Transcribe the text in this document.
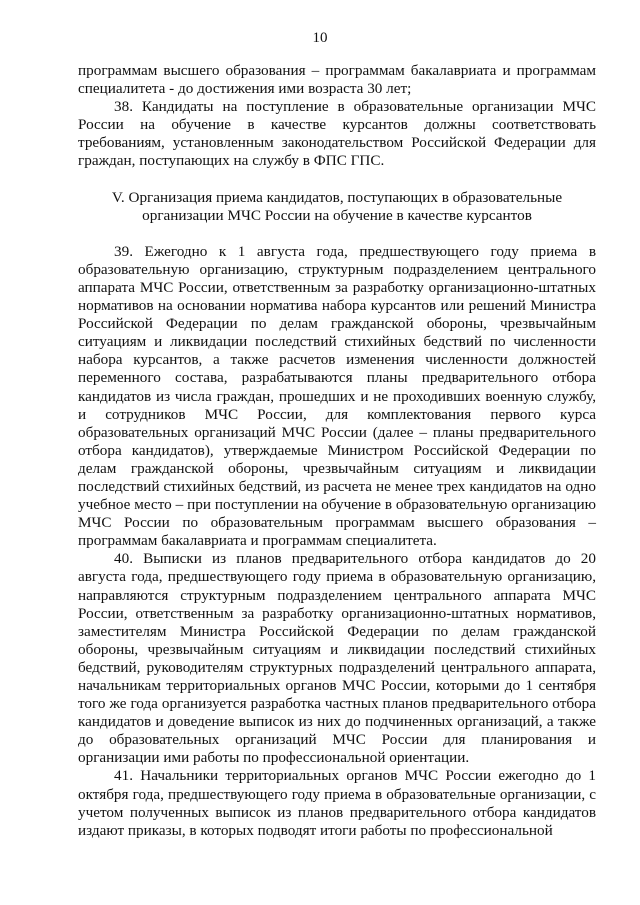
10

программам высшего образования – программам бакалавриата и программам специалитета - до достижения ими возраста 30 лет;

38. Кандидаты на поступление в образовательные организации МЧС России на обучение в качестве курсантов должны соответствовать требованиям, установленным законодательством Российской Федерации для граждан, поступающих на службу в ФПС ГПС.

V. Организация приема кандидатов, поступающих в образовательные организации МЧС России на обучение в качестве курсантов

39. Ежегодно к 1 августа года, предшествующего году приема в образовательную организацию, структурным подразделением центрального аппарата МЧС России, ответственным за разработку организационно-штатных нормативов на основании норматива набора курсантов или решений Министра Российской Федерации по делам гражданской обороны, чрезвычайным ситуациям и ликвидации последствий стихийных бедствий по численности набора курсантов, а также расчетов изменения численности должностей переменного состава, разрабатываются планы предварительного отбора кандидатов из числа граждан, прошедших и не проходивших военную службу, и сотрудников МЧС России, для комплектования первого курса образовательных организаций МЧС России (далее – планы предварительного отбора кандидатов), утверждаемые Министром Российской Федерации по делам гражданской обороны, чрезвычайным ситуациям и ликвидации последствий стихийных бедствий, из расчета не менее трех кандидатов на одно учебное место – при поступлении на обучение в образовательную организацию МЧС России по образовательным программам высшего образования – программам бакалавриата и программам специалитета.

40. Выписки из планов предварительного отбора кандидатов до 20 августа года, предшествующего году приема в образовательную организацию, направляются структурным подразделением центрального аппарата МЧС России, ответственным за разработку организационно-штатных нормативов, заместителям Министра Российской Федерации по делам гражданской обороны, чрезвычайным ситуациям и ликвидации последствий стихийных бедствий, руководителям структурных подразделений центрального аппарата, начальникам территориальных органов МЧС России, которыми до 1 сентября того же года организуется разработка частных планов предварительного отбора кандидатов и доведение выписок из них до подчиненных организаций, а также до образовательных организаций МЧС России для планирования и организации ими работы по профессиональной ориентации.

41. Начальники территориальных органов МЧС России ежегодно до 1 октября года, предшествующего году приема в образовательные организации, с учетом полученных выписок из планов предварительного отбора кандидатов издают приказы, в которых подводят итоги работы по профессиональной
